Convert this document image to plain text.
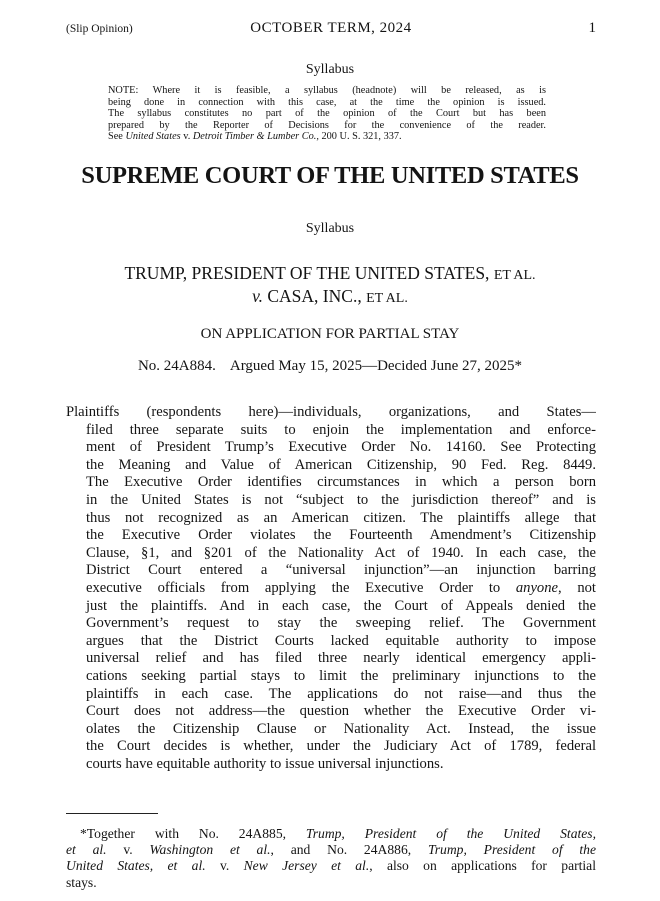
(Slip Opinion)	OCTOBER TERM, 2024	1
Syllabus
NOTE: Where it is feasible, a syllabus (headnote) will be released, as is
being done in connection with this case, at the time the opinion is issued.
The syllabus constitutes no part of the opinion of the Court but has been
prepared by the Reporter of Decisions for the convenience of the reader.
See United States v. Detroit Timber & Lumber Co., 200 U. S. 321, 337.
SUPREME COURT OF THE UNITED STATES
Syllabus
TRUMP, PRESIDENT OF THE UNITED STATES, ET AL.
v. CASA, INC., ET AL.
ON APPLICATION FOR PARTIAL STAY
No. 24A884. Argued May 15, 2025—Decided June 27, 2025*
Plaintiffs (respondents here)—individuals, organizations, and States—
filed three separate suits to enjoin the implementation and enforce-
ment of President Trump’s Executive Order No. 14160. See Protecting
the Meaning and Value of American Citizenship, 90 Fed. Reg. 8449.
The Executive Order identifies circumstances in which a person born
in the United States is not “subject to the jurisdiction thereof” and is
thus not recognized as an American citizen. The plaintiffs allege that
the Executive Order violates the Fourteenth Amendment’s Citizenship
Clause, §1, and §201 of the Nationality Act of 1940. In each case, the
District Court entered a “universal injunction”—an injunction barring
executive officials from applying the Executive Order to anyone, not
just the plaintiffs. And in each case, the Court of Appeals denied the
Government’s request to stay the sweeping relief. The Government
argues that the District Courts lacked equitable authority to impose
universal relief and has filed three nearly identical emergency appli-
cations seeking partial stays to limit the preliminary injunctions to the
plaintiffs in each case. The applications do not raise—and thus the
Court does not address—the question whether the Executive Order vi-
olates the Citizenship Clause or Nationality Act. Instead, the issue
the Court decides is whether, under the Judiciary Act of 1789, federal
courts have equitable authority to issue universal injunctions.
*Together with No. 24A885, Trump, President of the United States,
et al. v. Washington et al., and No. 24A886, Trump, President of the
United States, et al. v. New Jersey et al., also on applications for partial
stays.
